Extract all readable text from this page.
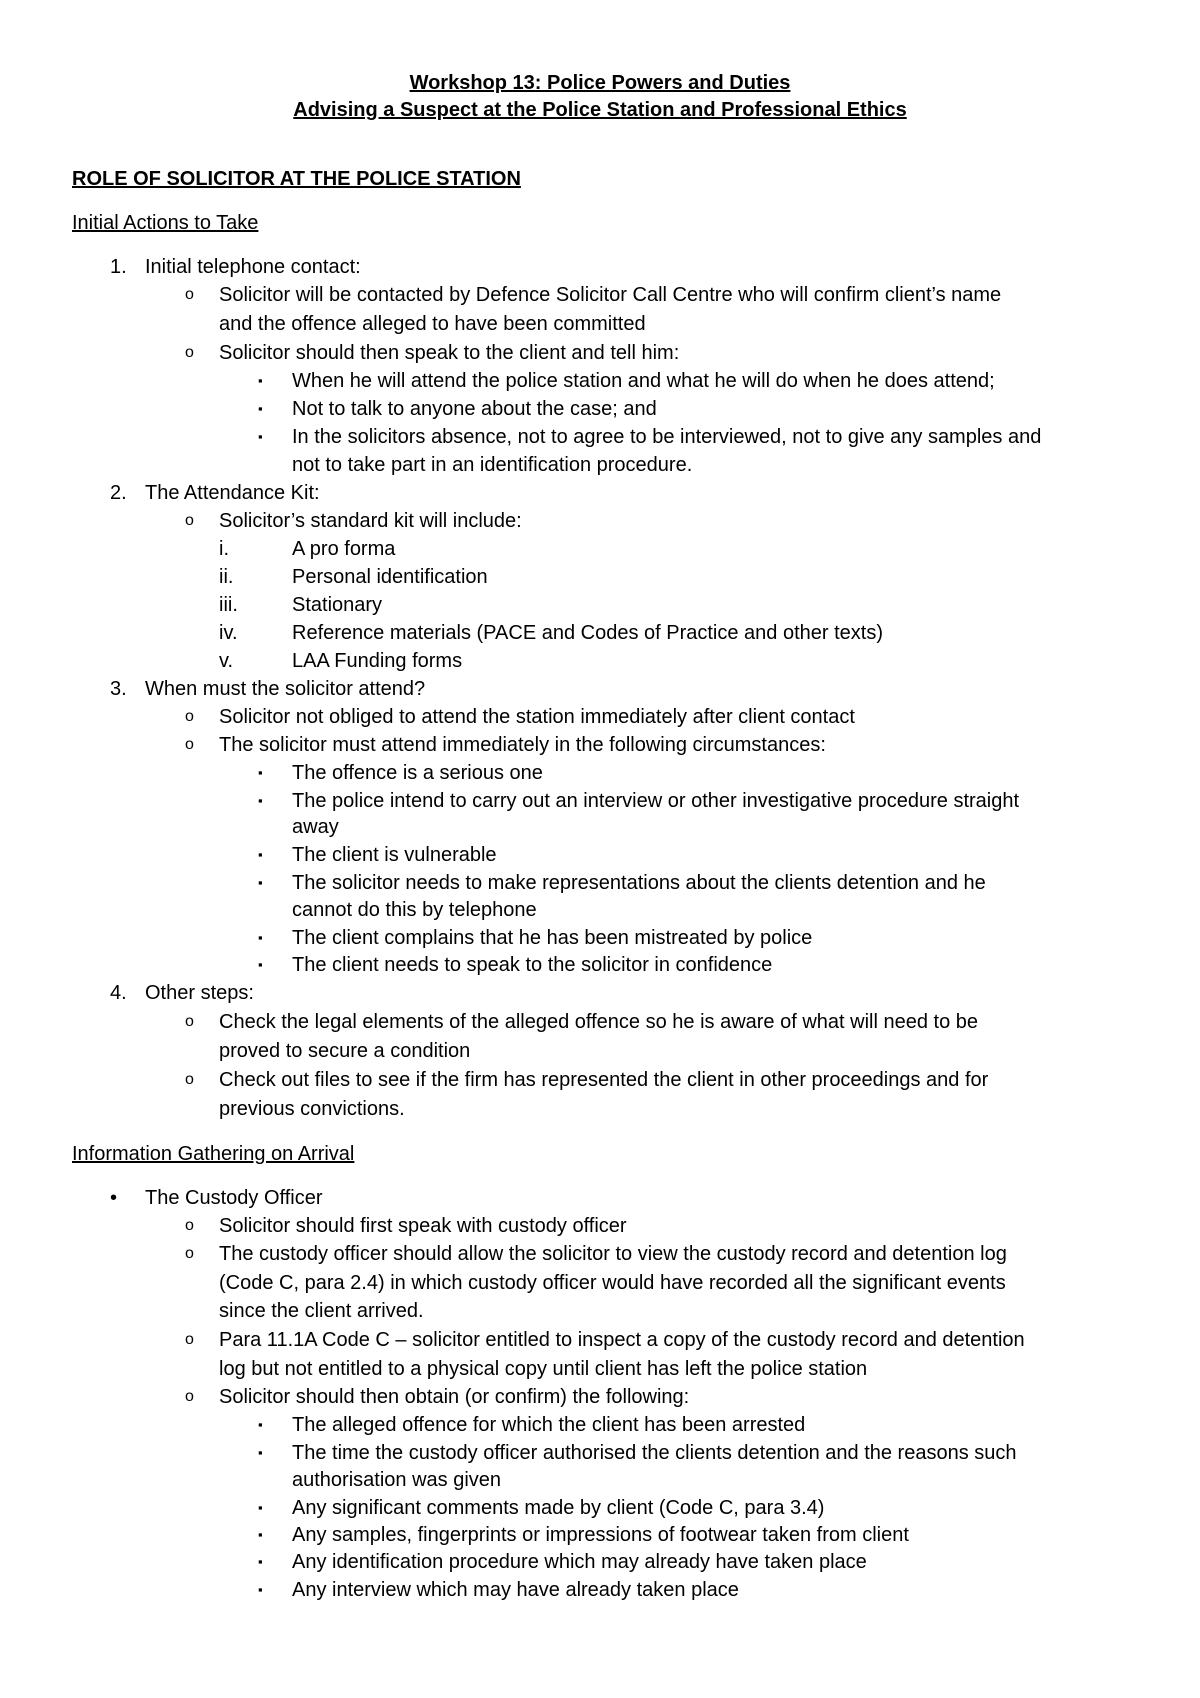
Workshop 13: Police Powers and Duties
Advising a Suspect at the Police Station and Professional Ethics
ROLE OF SOLICITOR AT THE POLICE STATION
Initial Actions to Take
1. Initial telephone contact:
o Solicitor will be contacted by Defence Solicitor Call Centre who will confirm client’s name
and the offence alleged to have been committed
o Solicitor should then speak to the client and tell him:
▪ When he will attend the police station and what he will do when he does attend;
▪ Not to talk to anyone about the case; and
▪ In the solicitors absence, not to agree to be interviewed, not to give any samples and
not to take part in an identification procedure.
2. The Attendance Kit:
o Solicitor’s standard kit will include:
i.	A pro forma
ii.	Personal identification
iii.	Stationary
iv.	Reference materials (PACE and Codes of Practice and other texts)
v.	LAA Funding forms
3. When must the solicitor attend?
o Solicitor not obliged to attend the station immediately after client contact
o The solicitor must attend immediately in the following circumstances:
▪ The offence is a serious one
▪ The police intend to carry out an interview or other investigative procedure straight
away
▪ The client is vulnerable
▪ The solicitor needs to make representations about the clients detention and he
cannot do this by telephone
▪ The client complains that he has been mistreated by police
▪ The client needs to speak to the solicitor in confidence
4. Other steps:
o Check the legal elements of the alleged offence so he is aware of what will need to be
proved to secure a condition
o Check out files to see if the firm has represented the client in other proceedings and for
previous convictions.
Information Gathering on Arrival
• The Custody Officer
o Solicitor should first speak with custody officer
o The custody officer should allow the solicitor to view the custody record and detention log
(Code C, para 2.4) in which custody officer would have recorded all the significant events
since the client arrived.
o Para 11.1A Code C – solicitor entitled to inspect a copy of the custody record and detention
log but not entitled to a physical copy until client has left the police station
o Solicitor should then obtain (or confirm) the following:
▪ The alleged offence for which the client has been arrested
▪ The time the custody officer authorised the clients detention and the reasons such
authorisation was given
▪ Any significant comments made by client (Code C, para 3.4)
▪ Any samples, fingerprints or impressions of footwear taken from client
▪ Any identification procedure which may already have taken place
▪ Any interview which may have already taken place
